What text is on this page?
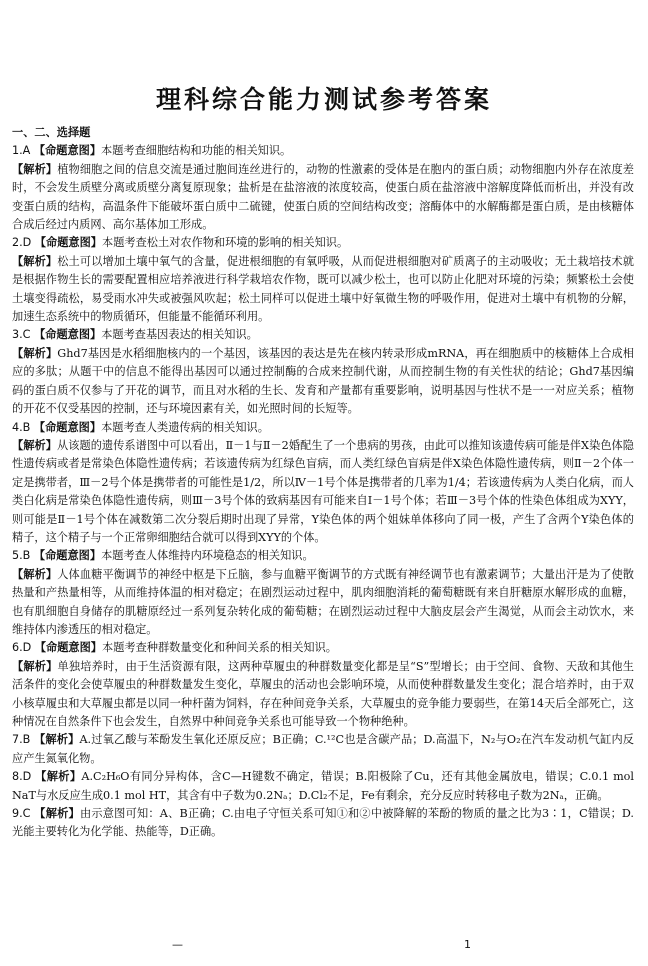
理科综合能力测试参考答案
一、二、选择题
1.A 【命题意图】本题考查细胞结构和功能的相关知识。
【解析】植物细胞之间的信息交流是通过胞间连丝进行的，动物的性激素的受体是在胞内的蛋白质；动物细胞内外存在浓度差时，不会发生质壁分离或质壁分离复原现象；盐析是在盐溶液的浓度较高，使蛋白质在盐溶液中溶解度降低而析出，并没有改变蛋白质的结构，高温条件下能破坏蛋白质中二硫键，使蛋白质的空间结构改变；溶酶体中的水解酶都是蛋白质，是由核糖体合成后经过内质网、高尔基体加工形成。
2.D 【命题意图】本题考查松土对农作物和环境的影响的相关知识。
【解析】松土可以增加土壤中氧气的含量，促进根细胞的有氧呼吸，从而促进根细胞对矿质离子的主动吸收；无土栽培技术就是根据作物生长的需要配置相应培养液进行科学栽培农作物，既可以减少松土，也可以防止化肥对环境的污染；频繁松土会使土壤变得疏松，易受雨水冲失或被强风吹起；松土同样可以促进土壤中好氧微生物的呼吸作用，促进对土壤中有机物的分解，加速生态系统中的物质循环，但能量不能循环利用。
3.C 【命题意图】本题考查基因表达的相关知识。
【解析】Ghd7基因是水稻细胞核内的一个基因，该基因的表达是先在核内转录形成mRNA，再在细胞质中的核糖体上合成相应的多肽；从题干中的信息不能得出基因可以通过控制酶的合成来控制代谢，从而控制生物的有关性状的结论；Ghd7基因编码的蛋白质不仅参与了开花的调节，而且对水稻的生长、发育和产量都有重要影响，说明基因与性状不是一一对应关系；植物的开花不仅受基因的控制，还与环境因素有关，如光照时间的长短等。
4.B 【命题意图】本题考查人类遗传病的相关知识。
【解析】从该题的遗传系谱图中可以看出，Ⅱ－1与Ⅱ－2婚配生了一个患病的男孩，由此可以推知该遗传病可能是伴X染色体隐性遗传病或者是常染色体隐性遗传病；若该遗传病为红绿色盲病，而人类红绿色盲病是伴X染色体隐性遗传病，则Ⅱ－2个体一定是携带者，Ⅲ－2号个体是携带者的可能性是1/2，所以Ⅳ－1号个体是携带者的几率为1/4；若该遗传病为人类白化病，而人类白化病是常染色体隐性遗传病，则Ⅲ－3号个体的致病基因有可能来自Ⅰ－1号个体；若Ⅲ－3号个体的性染色体组成为XYY，则可能是Ⅱ－1号个体在减数第二次分裂后期时出现了异常，Y染色体的两个姐妹单体移向了同一极，产生了含两个Y染色体的精子，这个精子与一个正常卵细胞结合就可以得到XYY的个体。
5.B 【命题意图】本题考查人体维持内环境稳态的相关知识。
【解析】人体血糖平衡调节的神经中枢是下丘脑，参与血糖平衡调节的方式既有神经调节也有激素调节；大量出汗是为了使散热量和产热量相等，从而维持体温的相对稳定；在剧烈运动过程中，肌肉细胞消耗的葡萄糖既有来自肝糖原水解形成的血糖，也有肌细胞自身储存的肌糖原经过一系列复杂转化成的葡萄糖；在剧烈运动过程中大脑皮层会产生渴觉，从而会主动饮水，来维持体内渗透压的相对稳定。
6.D 【命题意图】本题考查种群数量变化和种间关系的相关知识。
【解析】单独培养时，由于生活资源有限，这两种草履虫的种群数量变化都是呈“S”型增长；由于空间、食物、天敌和其他生活条件的变化会使草履虫的种群数量发生变化，草履虫的活动也会影响环境，从而使种群数量发生变化；混合培养时，由于双小核草履虫和大草履虫都是以同一种杆菌为饲料，存在种间竞争关系，大草履虫的竞争能力要弱些，在第14天后全部死亡，这种情况在自然条件下也会发生，自然界中种间竞争关系也可能导致一个物种绝种。
7.B 【解析】A.过氧乙酸与苯酚发生氧化还原反应；B正确；C.¹²C也是含碳产品；D.高温下，N₂与O₂在汽车发动机气缸内反应产生氮氧化物。
8.D 【解析】A.C₂H₆O有同分异构体，含C—H键数不确定，错误；B.阳极除了Cu，还有其他金属放电，错误；C.0.1 mol NaT与水反应生成0.1 mol HT，其含有中子数为0.2Nₐ；D.Cl₂不足，Fe有剩余，充分反应时转移电子数为2Nₐ，正确。
9.C 【解析】由示意图可知：A、B正确；C.由电子守恒关系可知①和②中被降解的苯酚的物质的量之比为3∶1，C错误；D.光能主要转化为化学能、热能等，D正确。
—	1
